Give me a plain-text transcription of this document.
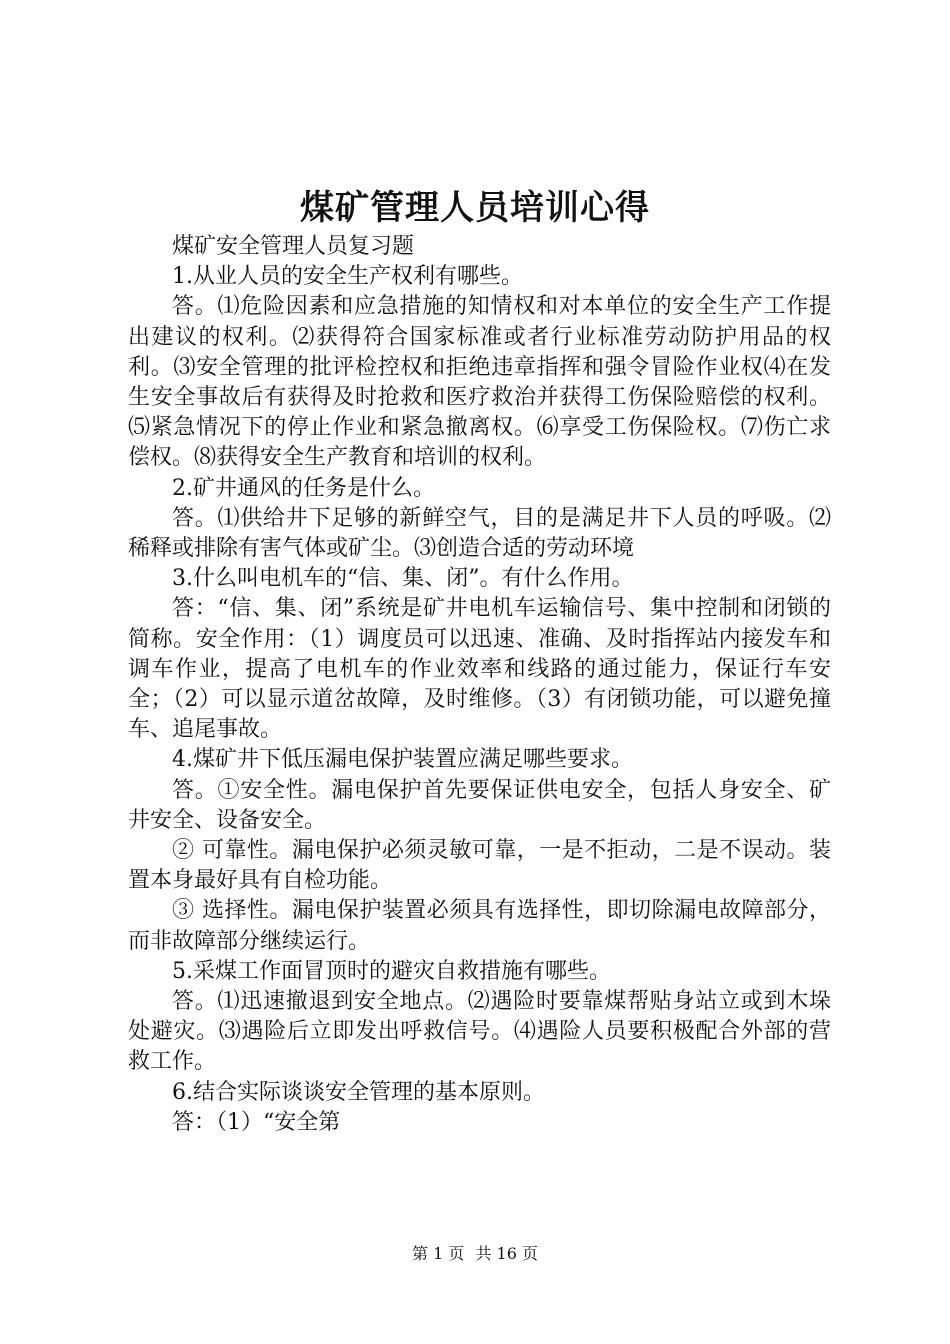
煤矿管理人员培训心得

煤矿安全管理人员复习题

1.从业人员的安全生产权利有哪些。

答。⑴危险因素和应急措施的知情权和对本单位的安全生产工作提出建议的权利。⑵获得符合国家标准或者行业标准劳动防护用品的权利。⑶安全管理的批评检控权和拒绝违章指挥和强令冒险作业权⑷在发生安全事故后有获得及时抢救和医疗救治并获得工伤保险赔偿的权利。⑸紧急情况下的停止作业和紧急撤离权。⑹享受工伤保险权。⑺伤亡求偿权。⑻获得安全生产教育和培训的权利。

2.矿井通风的任务是什么。

答。⑴供给井下足够的新鲜空气，目的是满足井下人员的呼吸。⑵稀释或排除有害气体或矿尘。⑶创造合适的劳动环境

3.什么叫电机车的“信、集、闭”。有什么作用。

答：“信、集、闭”系统是矿井电机车运输信号、集中控制和闭锁的简称。安全作用：（1）调度员可以迅速、准确、及时指挥站内接发车和调车作业，提高了电机车的作业效率和线路的通过能力，保证行车安全；（2）可以显示道岔故障，及时维修。（3）有闭锁功能，可以避免撞车、追尾事故。

4.煤矿井下低压漏电保护装置应满足哪些要求。

答。①安全性。漏电保护首先要保证供电安全，包括人身安全、矿井安全、设备安全。

② 可靠性。漏电保护必须灵敏可靠，一是不拒动，二是不误动。装置本身最好具有自检功能。

③ 选择性。漏电保护装置必须具有选择性，即切除漏电故障部分，而非故障部分继续运行。

5.采煤工作面冒顶时的避灾自救措施有哪些。

答。⑴迅速撤退到安全地点。⑵遇险时要靠煤帮贴身站立或到木垛处避灾。⑶遇险后立即发出呼救信号。⑷遇险人员要积极配合外部的营救工作。

6.结合实际谈谈安全管理的基本原则。

答：（1）“安全第

第 1 页 共 16 页
